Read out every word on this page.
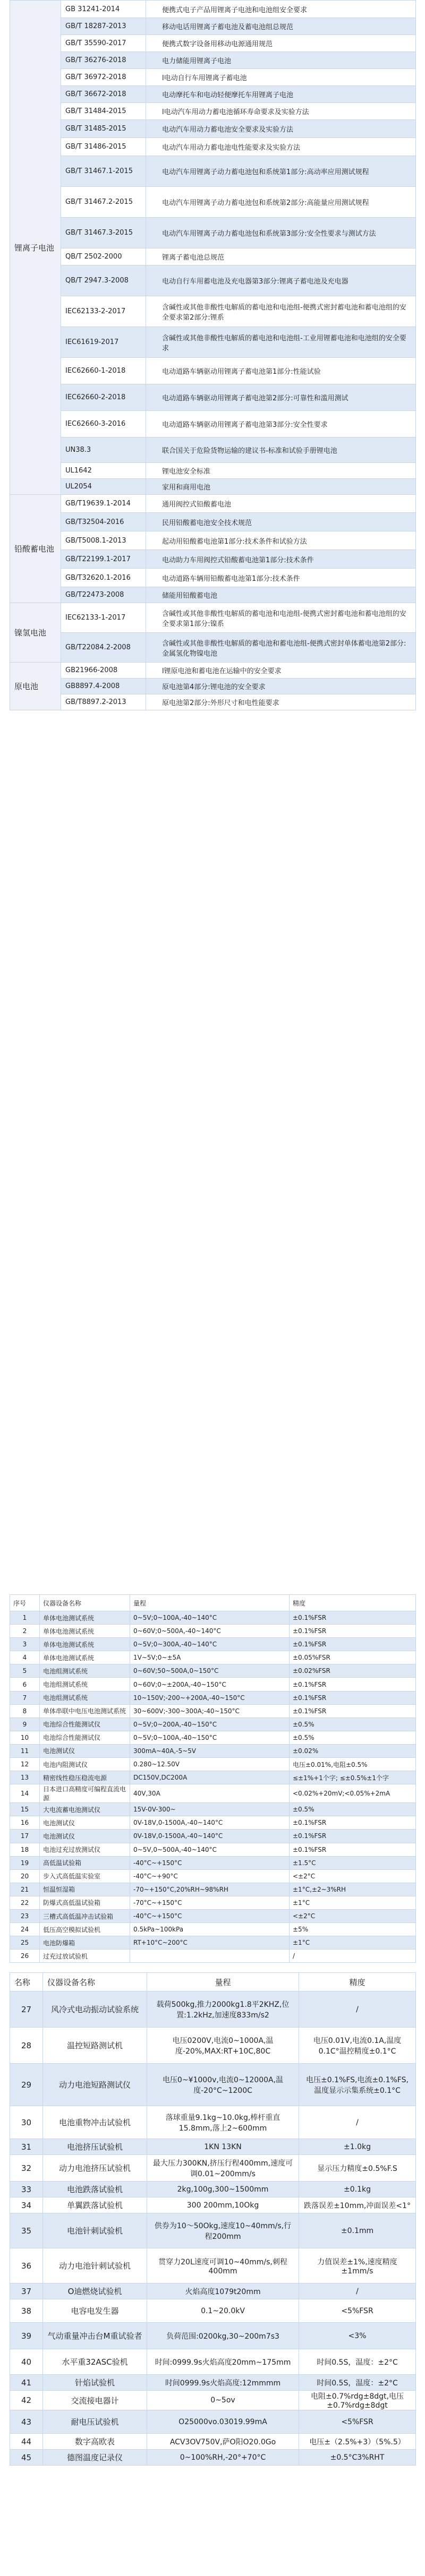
锂离子电池	GB 31241-2014	便携式电子产品用锂离子电池和电池组安全要求
	GB/T 18287-2013	移动电话用锂离子蓄电池及蓄电池组总规范
	GB/T 35590-2017	便携式数字设备用移动电源通用规范
	GB/T 36276-2018	电力储能用锂离子电池
	GB/T 36972-2018	l电动自行车用锂离子蓄电池
	GB/T 36672-2018	电动摩托车和电动轻便摩托车用锂离子电池
	GB/T 31484-2015	l电动汽车用动力蓄电池循环寿命要求及实验方法
	GB/T 31485-2015	电动汽车用动力蓄电池安全要求及实验方法
	GB/T 31486-2015	电动汽车用动力蓄电池电性能要求及实验方法
	GB/T 31467.1-2015	电动汽车用锂离子动力蓄电池包和系统第1部分:高动率应用测试规程
	GB/T 31467.2-2015	电动汽车用锂离子动力蓄电池包和系统第2部分:高能量应用测试规程
	GB/T 31467.3-2015	电动汽车用锂离子动力蓄电池包和系统第3部分:安全性要求与测试方法
	QB/T 2502-2000	锂离子蓄电池总规范
	QB/T 2947.3-2008	电动自行车用蓄电池及充电器第3部分:锂离子蓄电池及充电器
	IEC62133-2-2017	含碱性或其他非酸性电解质的蓄电池和电池组-便携式密封蓄电池和蓄电池组的安全要求第2部分:锂系
	IEC61619-2017	含碱性或其他非酸性电解质的蓄电池和电池组-工业用锂蓄电池和电池组的安全要求
	IEC62660-1-2018	电动道路车辆驱动用锂离子蓄电池第1部分:性能试验
	IEC62660-2-2018	电动道路车辆驱动用锂离子蓄电池第2部分:可靠性和滥用测试
	IEC62660-3-2016	电动道路车辆驱动用锂离子蓄电池第3部分:安全性要求
	UN38.3	联合国关于危险货物运输的建议书-标准和试验手册锂电池
	UL1642	锂电池安全标准
	UL2054	家用和商用电池
铅酸蓄电池	GB/T19639.1-2014	通用阀控式铅酸蓄电池
	GB/T32504-2016	民用铅酸蓄电池安全技术规范
	GB/T5008.1-2013	起动用铅酸蓄电池第1部分:技术条件和试验方法
	GB/T22199.1-2017	电动助力车用阀控式铅酸蓄电池第1部分:技术条件
	GB/T32620.1-2016	电动道路车辆用铅酸蓄电池第1部分:技术条件
	GB/T22473-2008	储能用铅酸蓄电池
镍氢电池	IEC62133-1-2017	含碱性或其他非酸性电解质的蓄电池和电池组-便携式密封蓄电池和蓄电池组的安全要求第1部分:镍系
	GB/T22084.2-2008	含碱性或其他非酸性电解质的蓄电池和蓄电池组-便携式密封单体蓄电池第2部分:金属氢化物镍电池
原电池	GB21966-2008	l锂原电池和蓄电池在运输中的安全要求
	GB8897.4-2008	原电池第4部分:锂电池的安全要求
	GB/T8897.2-2013	原电池第2部分:外形尺寸和电性能要求
序号	仪器设备名称	量程	精度
1	单体电池测试系统	0~5V;0~100A,-40~140°C	±0.1%FSR
2	单体电池测试系统	0~60V;0~500A,-40~140°C	±0.1%FSR
3	单体电池测试系统	0~5V;0~300A,-40~140°C	±0.1%FSR
4	单体电池测试系统	1V~5V;0~±5A	±0.05%FSR
5	电池组测试系统	0~60V;50~500A,0~150°C	±0.02%FSR
6	电池组测试系统	0~60V;0~±200A,-40~150°C	±0.1%FSR
7	电池组测试系统	10~150V;-200~+200A,-40~150°C	±0.1%FSR
8	单体串联中电压电池测试系统	30~600V;-300~300A;-40~150°C	±0.1%FSR
9	电池综合性能测试仪	0~5V;0~200A,-40~150°C	±0.5%
10	电池综合性能测试仪	0~5V;0~100A,-40~150°C	±0.5%
11	电池测试仪	300mA~40A,-5~5V	±0.02%
12	电池内阻测试仪	0.280~12.50V	电压±0.01%,电阻±0.5%
13	精密线性稳压稳流电源	DC150V,DC200A	≤±1%+1个字; ≤±0.5%±1个字
14	日本进口高精度可编程直流电源	40V,30A	<0.02%+20mV;<0.05%+2mA
15	大电流蓄电池测试仪	15V-0V-300~	±0.5%
16	电池测试仪	0V-18V,0-1500A,-40~140°C	±0.1%FSR
17	电池测试仪	0V-18V,0-1500A,-40~140°C	±0.1%FSR
18	电池过充过放测试仪	0~5V,0~500A,-40~140°C	±0.1%FSR
19	高低温试验箱	-40°C~+150°C	±1.5°C
20	步入式高低温实验室	-40°C~+90°C	<±2°C
21	恒温恒湿箱	-70~+150°C,20%RH~98%RH	±1°C,±2~3%RH
22	防爆式高低温试验箱	-70°C~+150°C	±1°C
23	三槽式高低温冲击试验箱	-40°C~+150°C	<±2°C
24	低压高空模拟试验机	0.5kPa~100kPa	±5%
25	电池防爆箱	RT+10°C~200°C	±1°C
26	过充过放试验机		/
名称	仪器设备名称	量程	精度
27	风冷式电动振动试验系统	载荷500kg,推力2000kg1.8平2KHZ,位置:1.2kHz,加速度833m/s2	/
28	温控短路测试机	电压0200V,电流0~1000A,温度-20%,MAX:RT+10C,80C	电压0.01V,电流0.1A,温度0.1C°温控精度±0.1°C
29	动力电池短路测试仪	电压0~¥1000v,电流0~12000A,温度-20°C~1200C	电压±0.1%FS,电流±0.1%FS,温度显示示集系统±0.1°C
30	电池重物冲击试验机	落球重量9.1kg~10.0kg,棒杆重直15.8mm,落上2~600mm	/
31	电池挤压试验机	1KN 13KN	±1.0kg
32	动力电池挤压试验机	最大压力300KN,挤压行程400mm,速度可调0.01~200mm/s	显示压力精度±0.5%F.S
33	电池跌落试验机	2kg,100g,300~1500mm	±0.1kg
34	单翼跌落试验机	300 200mm,10Okg	跌落误差±10mm,冲面误差<1°
35	电池针刺试验机	供券为10～50Okg,速度10~40mm/s,行程200mm	±0.1mm
36	动力电池针刺试验机	贯穿力20L速度可调10~40mm/s,刺程400mm	力值误差±1%,速度精度±1mm/s
37	O迪燃烧试验机	火焰高度1079t20mm	/
38	电容电发生器	0.1~20.0kV	<5%FSR
39	气动重量冲击台M重试验者	负荷范围:0200kg,30~200m7s3	<3%
40	水平重32ASC验机	时间:0999.9s火焰高度20mm~175mm	时间0.5S，温度：±2°C
41	针焰试验机	时间0999.9s火焰高度:12mmmm	时间0.5S，温度：±2°C
42	交流接电器计	0~5ov	电阻±0.7%rdg±8dgt,电压±0.7%rdg±8dgt
43	耐电压试验机	O25000vo.03019.99mA	<5%FSR
44	数字高欧表	ACV3OV750V,萨O阳O20.0Go	电压±（2.5%+3）（5%.5）
45	德图温度记录仪	0~100%RH,-20°+70°C	±0.5°C3%RHT
